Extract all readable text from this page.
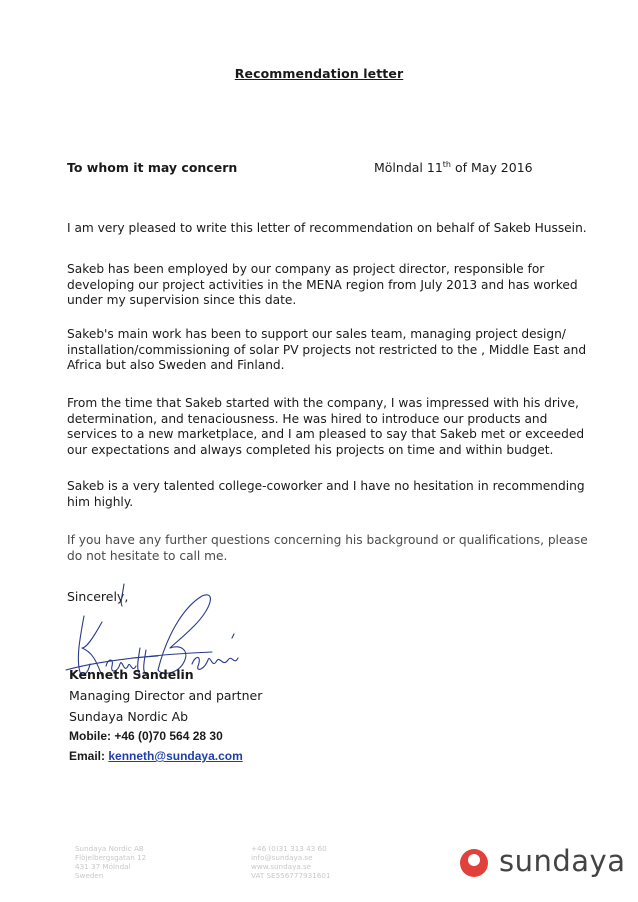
Recommendation letter
To whom it may concern	Mölndal 11th of May 2016
I am very pleased to write this letter of recommendation on behalf of Sakeb Hussein.
Sakeb has been employed by our company as project director, responsible for developing our project activities in the MENA region from July 2013 and has worked under my supervision since this date.
Sakeb's main work has been to support our sales team, managing project design/ installation/commissioning of solar PV projects not restricted to the , Middle East and Africa but also Sweden and Finland.
From the time that Sakeb started with the company, I was impressed with his drive, determination, and tenaciousness. He was hired to introduce our products and services to a new marketplace, and I am pleased to say that Sakeb met or exceeded our expectations and always completed his projects on time and within budget.
Sakeb is a very talented college-coworker and I have no hesitation in recommending him highly.
If you have any further questions concerning his background or qualifications, please do not hesitate to call me.
Sincerely,
Kenneth Sandelin
Managing Director and partner
Sundaya Nordic Ab
Mobile: +46 (0)70 564 28 30
Email: kenneth@sundaya.com
Sundaya Nordic AB
Flöjelbergsgatan 12
431 37 Mölndal
Sweden
+46 (0)31 313 43 60
info@sundaya.se
www.sundaya.se
VAT SE556777931601	sundaya
